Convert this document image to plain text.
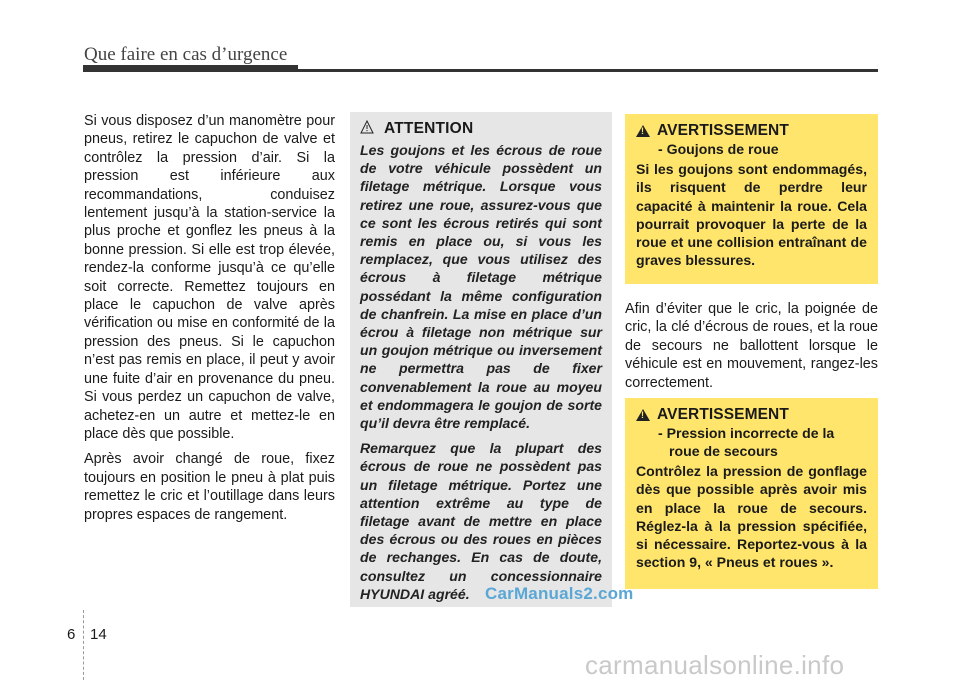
Que faire en cas d’urgence

Si vous disposez d’un manomètre pour pneus, retirez le capuchon de valve et contrôlez la pression d’air. Si la pression est inférieure aux recommandations, conduisez lentement jusqu’à la station-service la plus proche et gonflez les pneus à la bonne pression. Si elle est trop élevée, rendez-la conforme jusqu’à ce qu’elle soit correcte. Remettez toujours en place le capuchon de valve après vérification ou mise en conformité de la pression des pneus. Si le capuchon n’est pas remis en place, il peut y avoir une fuite d’air en provenance du pneu. Si vous perdez un capuchon de valve, achetez-en un autre et mettez-le en place dès que possible.

Après avoir changé de roue, fixez toujours en position le pneu à plat puis remettez le cric et l’outillage dans leurs propres espaces de rangement.

ATTENTION

Les goujons et les écrous de roue de votre véhicule possèdent un filetage métrique. Lorsque vous retirez une roue, assurez-vous que ce sont les écrous retirés qui sont remis en place ou, si vous les remplacez, que vous utilisez des écrous à filetage métrique possédant la même configuration de chanfrein. La mise en place d’un écrou à filetage non métrique sur un goujon métrique ou inversement ne permettra pas de fixer convenablement la roue au moyeu et endommagera le goujon de sorte qu’il devra être remplacé.

Remarquez que la plupart des écrous de roue ne possèdent pas un filetage métrique. Portez une attention extrême au type de filetage avant de mettre en place des écrous ou des roues en pièces de rechanges. En cas de doute, consultez un concessionnaire HYUNDAI agréé.

!
AVERTISSEMENT
- Goujons de roue
Si les goujons sont endommagés, ils risquent de perdre leur capacité à maintenir la roue. Cela pourrait provoquer la perte de la roue et une collision entraînant de graves blessures.

Afin d’éviter que le cric, la poignée de cric, la clé d’écrous de roues, et la roue de secours ne ballottent lorsque le véhicule est en mouvement, rangez-les correctement.

!
AVERTISSEMENT
- Pression incorrecte de la roue de secours
Contrôlez la pression de gonflage dès que possible après avoir mis en place la roue de secours. Réglez-la à la pression spécifiée, si nécessaire. Reportez-vous à la section 9, « Pneus et roues ».
6 14
CarManuals2.com
carmanualsonline.info
